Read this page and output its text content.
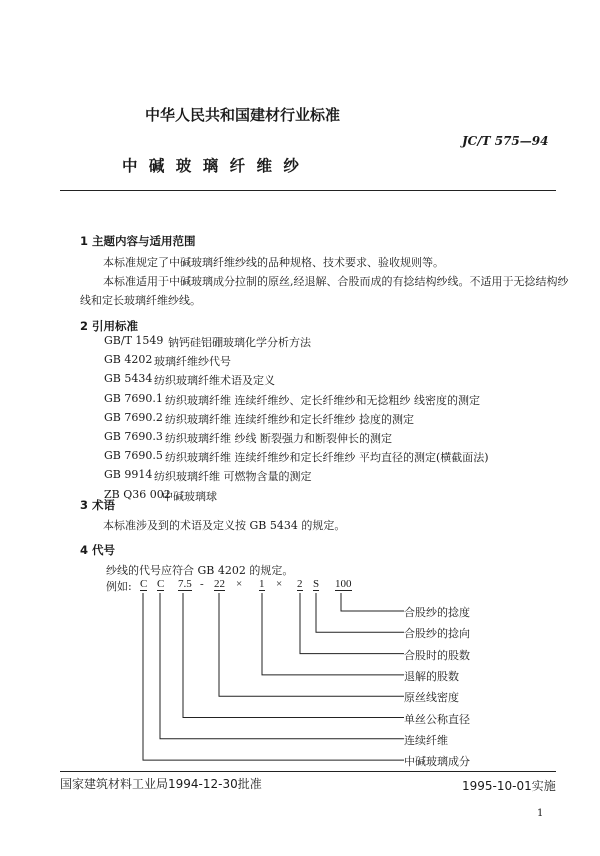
中华人民共和国建材行业标准
JC/T 575—94
中 碱 玻 璃 纤 维 纱
1 主题内容与适用范围
本标准规定了中碱玻璃纤维纱线的品种规格、技术要求、验收规则等。
本标准适用于中碱玻璃成分拉制的原丝,经退解、合股而成的有捻结构纱线。不适用于无捻结构纱
线和定长玻璃纤维纱线。
2 引用标准
GB/T 1549 钠钙硅铝硼玻璃化学分析方法
GB 4202 玻璃纤维纱代号
GB 5434 纺织玻璃纤维术语及定义
GB 7690.1 纺织玻璃纤维 连续纤维纱、定长纤维纱和无捻粗纱 线密度的测定
GB 7690.2 纺织玻璃纤维 连续纤维纱和定长纤维纱 捻度的测定
GB 7690.3 纺织玻璃纤维 纱线 断裂强力和断裂伸长的测定
GB 7690.5 纺织玻璃纤维 连续纤维纱和定长纤维纱 平均直径的测定(横截面法)
GB 9914 纺织玻璃纤维 可燃物含量的测定
ZB Q36 002
中碱玻璃球
3 术语
本标准涉及到的术语及定义按 GB 5434 的规定。
4 代号
纱线的代号应符合 GB 4202 的规定。
例如: C C 7.5 - 22 × 1 × 2 S 100
合股纱的捻度
合股纱的捻向
合股时的股数
退解的股数
原丝线密度
单丝公称直径
连续纤维
中碱玻璃成分
国家建筑材料工业局1994-12-30批准	1995-10-01实施
1
